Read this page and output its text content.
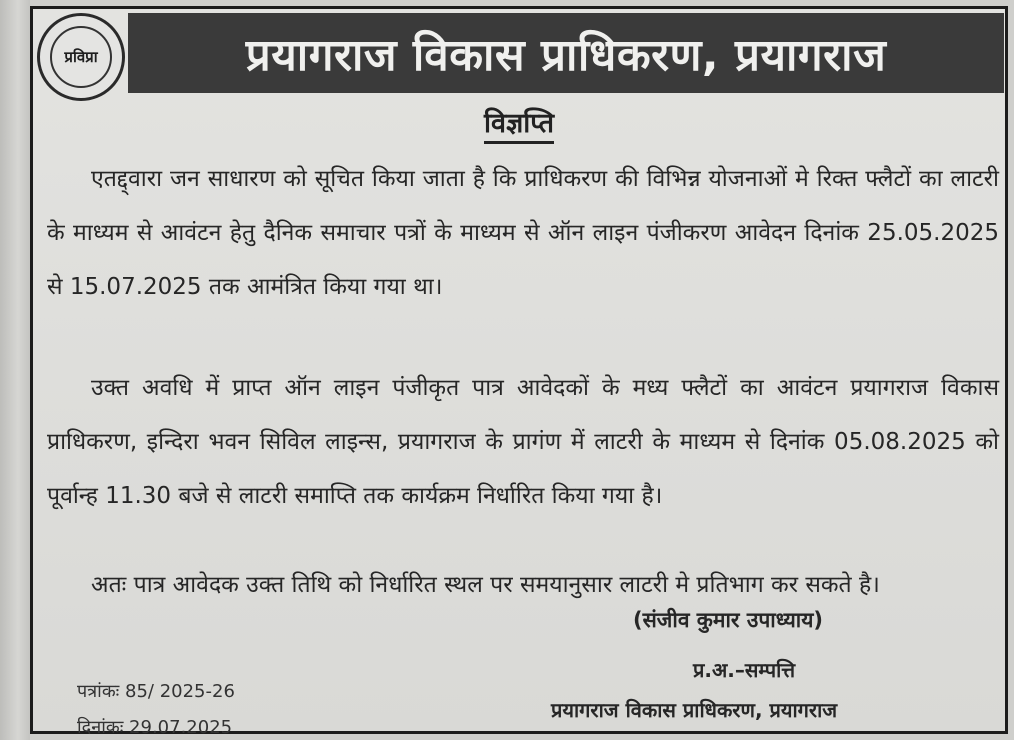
प्रविप्रा	प्रयागराज विकास प्राधिकरण, प्रयागराज
विज्ञप्ति
एतद्द्वारा जन साधारण को सूचित किया जाता है कि प्राधिकरण की विभिन्न योजनाओं मे रिक्त फ्लैटों का लाटरी के माध्यम से आवंटन हेतु दैनिक समाचार पत्रों के माध्यम से ऑन लाइन पंजीकरण आवेदन दिनांक 25.05.2025 से 15.07.2025 तक आमंत्रित किया गया था।
उक्त अवधि में प्राप्त ऑन लाइन पंजीकृत पात्र आवेदकों के मध्य फ्लैटों का आवंटन प्रयागराज विकास प्राधिकरण, इन्दिरा भवन सिविल लाइन्स, प्रयागराज के प्रागंण में लाटरी के माध्यम से दिनांक 05.08.2025 को पूर्वान्ह 11.30 बजे से लाटरी समाप्ति तक कार्यक्रम निर्धारित किया गया है।
अतः पात्र आवेदक उक्त तिथि को निर्धारित स्थल पर समयानुसार लाटरी मे प्रतिभाग कर सकते है।
(संजीव कुमार उपाध्याय)
प्र.अ.–सम्पत्ति
प्रयागराज विकास प्राधिकरण, प्रयागराज
पत्रांकः 85/ 2025-26
दिनांकः 29.07.2025
